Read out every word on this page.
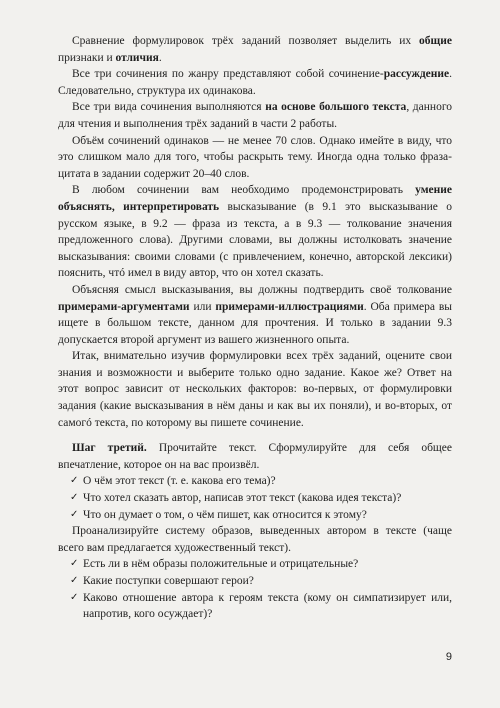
Сравнение формулировок трёх заданий позволяет выделить их общие признаки и отличия.

Все три сочинения по жанру представляют собой сочинение-рассуждение. Следовательно, структура их одинакова.

Все три вида сочинения выполняются на основе большого текста, данного для чтения и выполнения трёх заданий в части 2 работы.

Объём сочинений одинаков — не менее 70 слов. Однако имейте в виду, что это слишком мало для того, чтобы раскрыть тему. Иногда одна только фраза-цитата в задании содержит 20–40 слов.

В любом сочинении вам необходимо продемонстрировать умение объяснять, интерпретировать высказывание (в 9.1 это высказывание о русском языке, в 9.2 — фраза из текста, а в 9.3 — толкование значения предложенного слова). Другими словами, вы должны истолковать значение высказывания: своими словами (с привлечением, конечно, авторской лексики) пояснить, чтó имел в виду автор, что он хотел сказать.

Объясняя смысл высказывания, вы должны подтвердить своё толкование примерами-аргументами или примерами-иллюстрациями. Оба примера вы ищете в большом тексте, данном для прочтения. И только в задании 9.3 допускается второй аргумент из вашего жизненного опыта.

Итак, внимательно изучив формулировки всех трёх заданий, оцените свои знания и возможности и выберите только одно задание. Какое же? Ответ на этот вопрос зависит от нескольких факторов: во-первых, от формулировки задания (какие высказывания в нём даны и как вы их поняли), и во-вторых, от самогó текста, по которому вы пишете сочинение.

Шаг третий. Прочитайте текст. Сформулируйте для себя общее впечатление, которое он на вас произвёл.

✓ О чём этот текст (т. е. какова его тема)?
✓ Что хотел сказать автор, написав этот текст (какова идея текста)?
✓ Что он думает о том, о чём пишет, как относится к этому?

Проанализируйте систему образов, выведенных автором в тексте (чаще всего вам предлагается художественный текст).

✓ Есть ли в нём образы положительные и отрицательные?
✓ Какие поступки совершают герои?
✓ Каково отношение автора к героям текста (кому он симпатизирует или, напротив, кого осуждает)?
9
